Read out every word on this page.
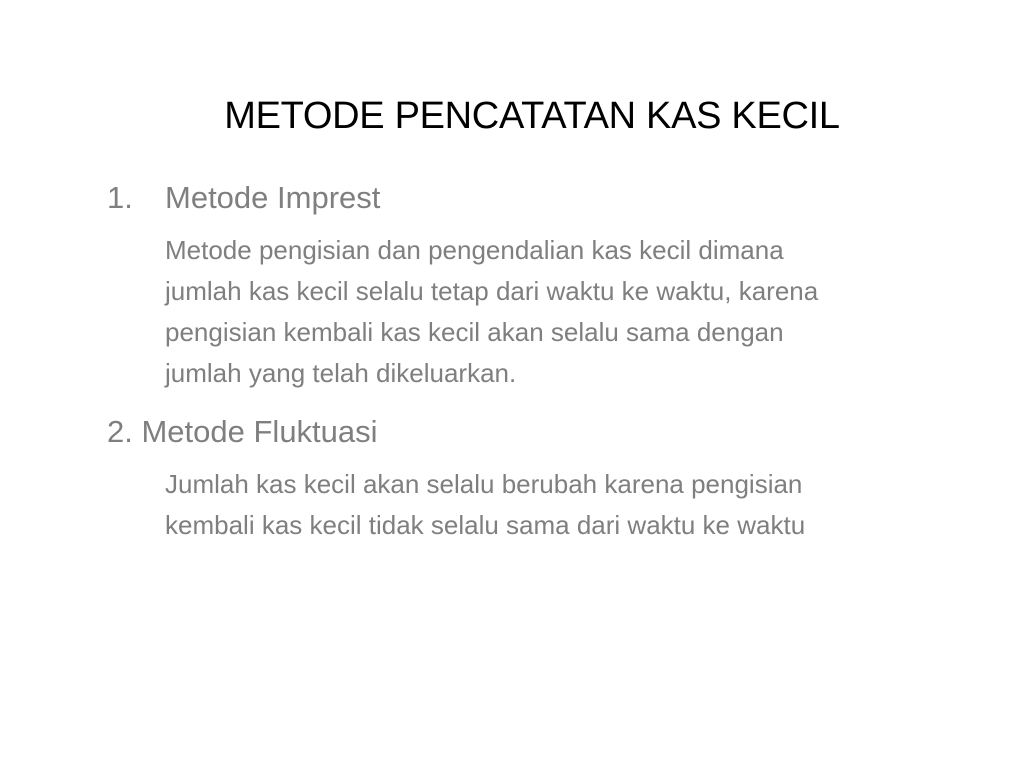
METODE PENCATATAN KAS KECIL
1. Metode Imprest
Metode pengisian dan pengendalian kas kecil dimana
jumlah kas kecil selalu tetap dari waktu ke waktu, karena
pengisian kembali kas kecil akan selalu sama dengan
jumlah yang telah dikeluarkan.
2. Metode Fluktuasi
Jumlah kas kecil akan selalu berubah karena pengisian
kembali kas kecil tidak selalu sama dari waktu ke waktu
